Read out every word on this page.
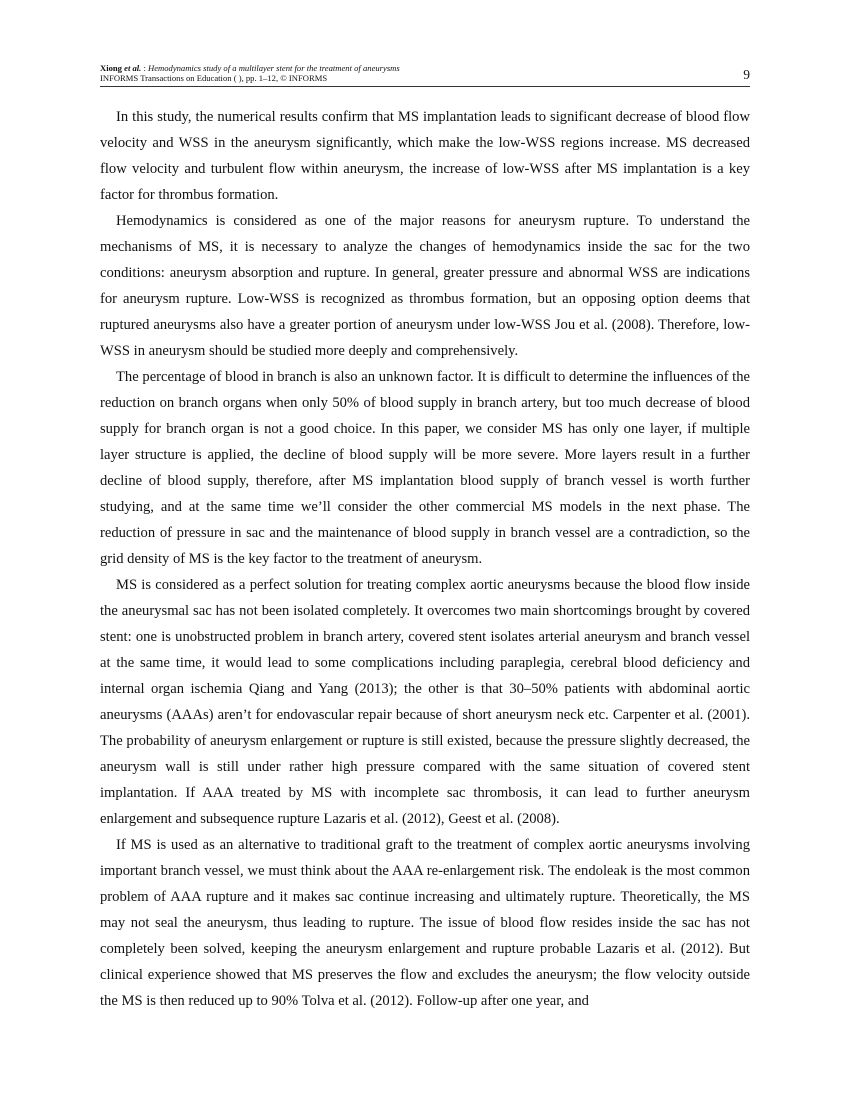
Xiong et al. : Hemodynamics study of a multilayer stent for the treatment of aneurysms
INFORMS Transactions on Education ( ), pp. 1–12, © INFORMS	9

In this study, the numerical results confirm that MS implantation leads to significant decrease of blood flow velocity and WSS in the aneurysm significantly, which make the low-WSS regions increase. MS decreased flow velocity and turbulent flow within aneurysm, the increase of low-WSS after MS implantation is a key factor for thrombus formation.

Hemodynamics is considered as one of the major reasons for aneurysm rupture. To understand the mechanisms of MS, it is necessary to analyze the changes of hemodynamics inside the sac for the two conditions: aneurysm absorption and rupture. In general, greater pressure and abnormal WSS are indications for aneurysm rupture. Low-WSS is recognized as thrombus formation, but an opposing option deems that ruptured aneurysms also have a greater portion of aneurysm under low-WSS Jou et al. (2008). Therefore, low-WSS in aneurysm should be studied more deeply and comprehensively.

The percentage of blood in branch is also an unknown factor. It is difficult to determine the influences of the reduction on branch organs when only 50% of blood supply in branch artery, but too much decrease of blood supply for branch organ is not a good choice. In this paper, we consider MS has only one layer, if multiple layer structure is applied, the decline of blood supply will be more severe. More layers result in a further decline of blood supply, therefore, after MS implantation blood supply of branch vessel is worth further studying, and at the same time we’ll consider the other commercial MS models in the next phase. The reduction of pressure in sac and the maintenance of blood supply in branch vessel are a contradiction, so the grid density of MS is the key factor to the treatment of aneurysm.

MS is considered as a perfect solution for treating complex aortic aneurysms because the blood flow inside the aneurysmal sac has not been isolated completely. It overcomes two main shortcomings brought by covered stent: one is unobstructed problem in branch artery, covered stent isolates arterial aneurysm and branch vessel at the same time, it would lead to some complications including paraplegia, cerebral blood deficiency and internal organ ischemia Qiang and Yang (2013); the other is that 30–50% patients with abdominal aortic aneurysms (AAAs) aren’t for endovascular repair because of short aneurysm neck etc. Carpenter et al. (2001). The probability of aneurysm enlargement or rupture is still existed, because the pressure slightly decreased, the aneurysm wall is still under rather high pressure compared with the same situation of covered stent implantation. If AAA treated by MS with incomplete sac thrombosis, it can lead to further aneurysm enlargement and subsequence rupture Lazaris et al. (2012), Geest et al. (2008).

If MS is used as an alternative to traditional graft to the treatment of complex aortic aneurysms involving important branch vessel, we must think about the AAA re-enlargement risk. The endoleak is the most common problem of AAA rupture and it makes sac continue increasing and ultimately rupture. Theoretically, the MS may not seal the aneurysm, thus leading to rupture. The issue of blood flow resides inside the sac has not completely been solved, keeping the aneurysm enlargement and rupture probable Lazaris et al. (2012). But clinical experience showed that MS preserves the flow and excludes the aneurysm; the flow velocity outside the MS is then reduced up to 90% Tolva et al. (2012). Follow-up after one year, and
